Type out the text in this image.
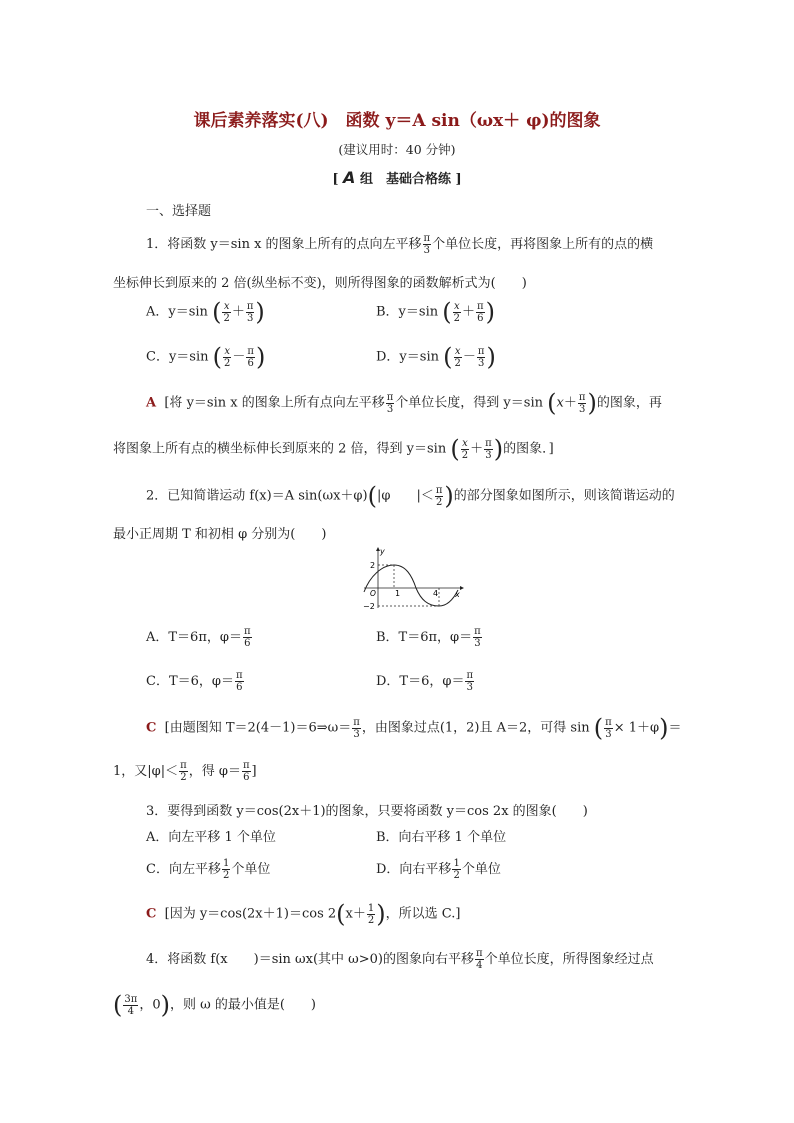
课后素养落实(八)　函数 y＝A sin（ωx＋ φ)的图象
(建议用时：40 分钟)
[ A 组　基础合格练 ]
一、选择题
1．将函数 y＝sin x 的图象上所有的点向左平移 $\frac{\pi}{3}$ 个单位长度，再将图象上所有的点的横
坐标伸长到原来的 2 倍(纵坐标不变)，则所得图象的函数解析式为(　　)
A．y＝sin ( $\frac{x}{2} + \frac{\pi}{3}$ )	B．y＝sin ( $\frac{x}{2} + \frac{\pi}{6}$ )
C．y＝sin ( $\frac{x}{2} - \frac{\pi}{6}$ )	D．y＝sin ( $\frac{x}{2} - \frac{\pi}{3}$ )
A [将 y＝sin x 的图象上所有点向左平移 $\frac{\pi}{3}$ 个单位长度，得到 y＝sin ($x+ \frac{\pi}{3}$ )的图象，再
将图象上所有点的横坐标伸长到原来的 2 倍，得到 y＝sin ( $\frac{x}{2} + \frac{\pi}{3}$ )的图象．]
2．已知简谐运动 f(x)＝A sin(ωx＋φ)(|φ　　|＜ $\frac{\pi}{2}$ )的部分图象如图所示，则该简谐运动的
最小正周期 T 和初相 φ 分别为(　　)
y
x
O
2
−2
1	4
A．T＝6π，$\varphi= \frac{\pi}{6}$	B．T＝6π，$\varphi= \frac{\pi}{3}$
C．T＝6，$\varphi= \frac{\pi}{6}$	D．T＝6，$\varphi= \frac{\pi}{3}$
C [由题图知 T＝2(4－1)＝6⇒ω＝ $\frac{\pi}{3}$ ，由图象过点(1，2)且 A＝2，可得 sin ( $\frac{\pi}{3} \times 1+\varphi)=$
1，又$|\varphi|< \frac{\pi}{2}$ ，得 $\varphi= \frac{\pi}{6}$ ]
3．要得到函数 y＝cos(2x＋1)的图象，只要将函数 y＝cos 2x 的图象(　　)
A．向左平移 1 个单位	B．向右平移 1 个单位
C．向左平移 $\frac{1}{2}$ 个单位	D．向右平移 $\frac{1}{2}$ 个单位
C [因为 y＝cos(2x＋1)＝cos $2(x+ \frac{1}{2}$ )，所以选 C.]
4．将函数 f(x　　)＝sin ωx(其中 ω>0)的图象向右平移 $\frac{\pi}{4}$ 个单位长度，所得图象经过点
( $\frac{3\pi}{4}$ ，0)，则 ω 的最小值是(　　)
